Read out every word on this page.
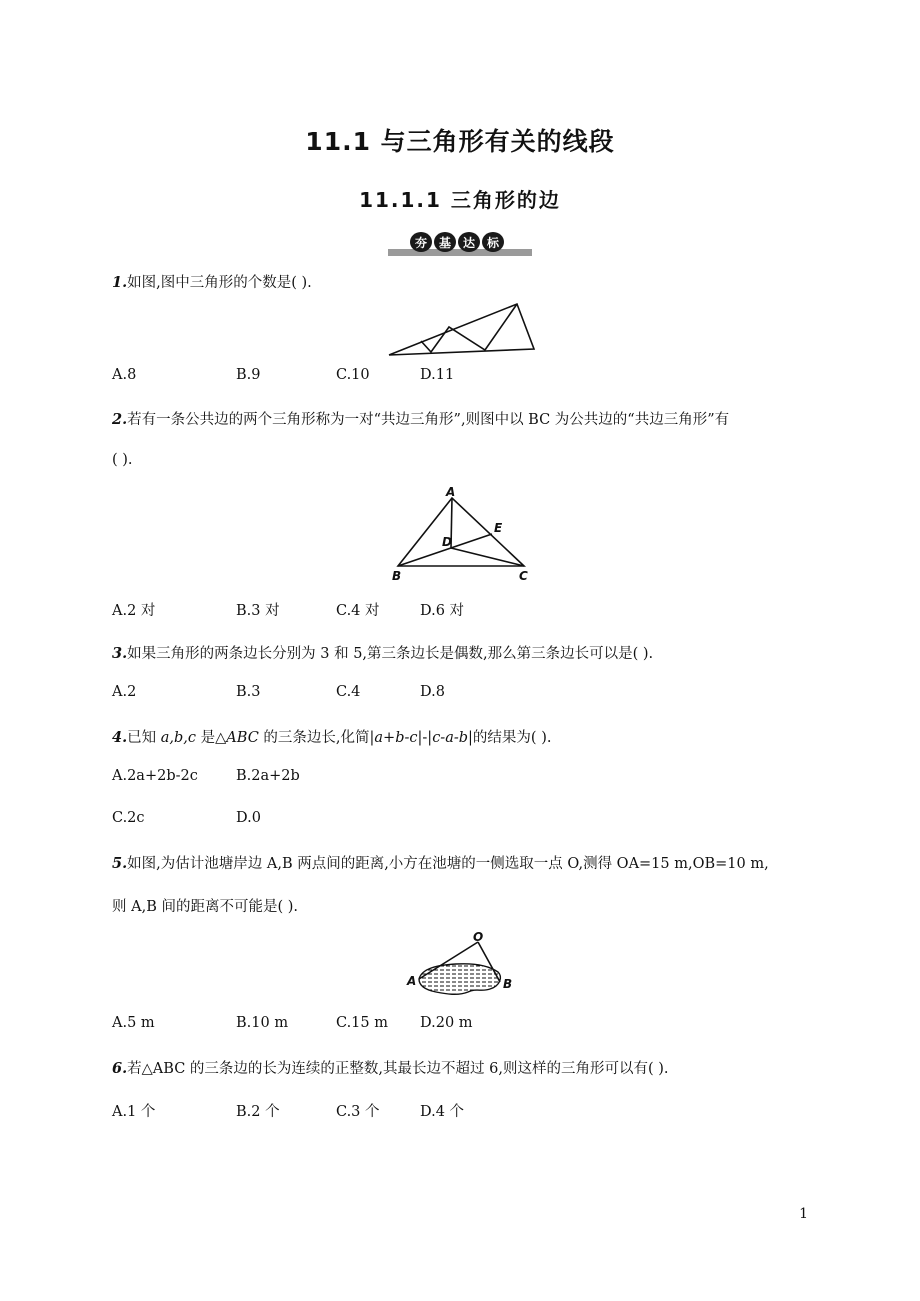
11.1 与三角形有关的线段
11.1.1 三角形的边
夯 基 达 标
1.如图,图中三角形的个数是( ).
A.8	B.9	C.10	D.11
2.若有一条公共边的两个三角形称为一对“共边三角形”,则图中以 BC 为公共边的“共边三角形”有
( ).
A
B	C
D
E
A.2 对	B.3 对	C.4 对	D.6 对
3.如果三角形的两条边长分别为 3 和 5,第三条边长是偶数,那么第三条边长可以是( ).
A.2	B.3	C.4	D.8
4.已知 a,b,c 是△ABC 的三条边长,化简|a+b-c|-|c-a-b|的结果为( ).
A.2a+2b-2c	B.2a+2b
C.2c	D.0
5.如图,为估计池塘岸边 A,B 两点间的距离,小方在池塘的一侧选取一点 O,测得 OA=15 m,OB=10 m,
则 A,B 间的距离不可能是( ).
O
A	B
A.5 m	B.10 m	C.15 m D.20 m
6.若△ABC 的三条边的长为连续的正整数,其最长边不超过 6,则这样的三角形可以有( ).
A.1 个	B.2 个	C.3 个	D.4 个
1
